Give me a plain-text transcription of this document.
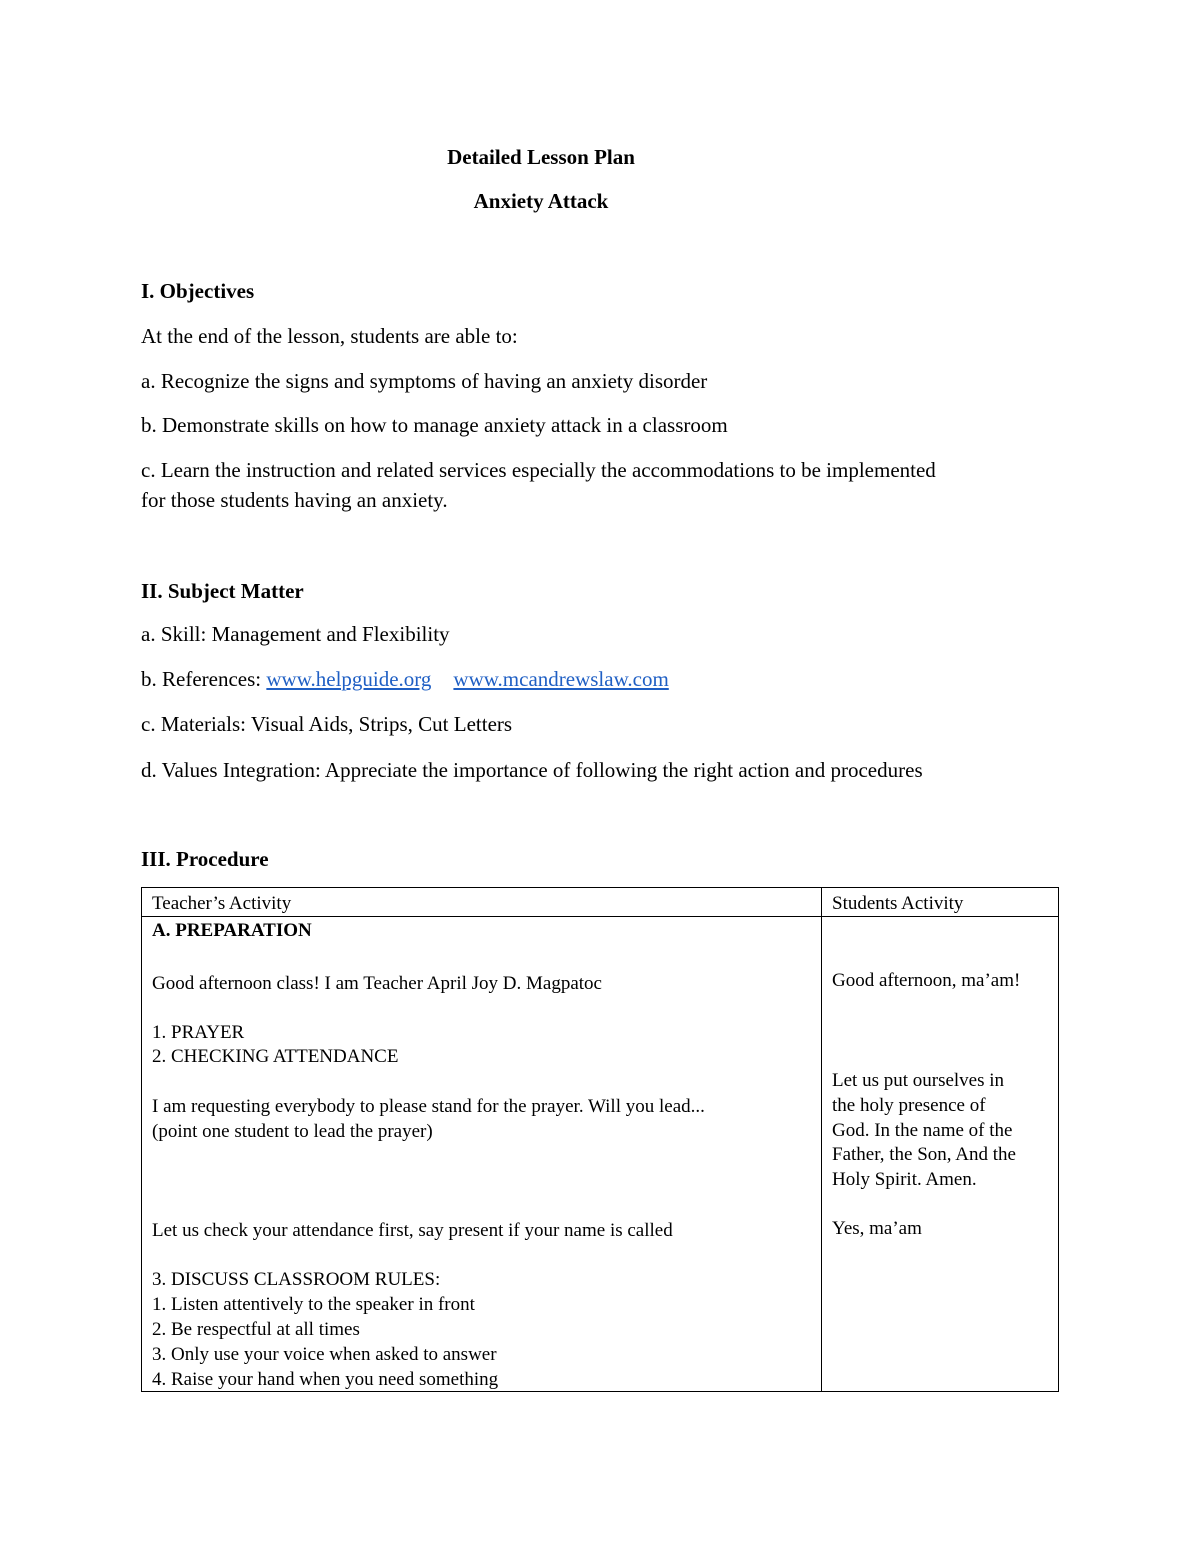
Detailed Lesson Plan
Anxiety Attack
I. Objectives
At the end of the lesson, students are able to:
a. Recognize the signs and symptoms of having an anxiety disorder
b. Demonstrate skills on how to manage anxiety attack in a classroom
c. Learn the instruction and related services especially the accommodations to be implemented
for those students having an anxiety.
II. Subject Matter
a. Skill: Management and Flexibility
b. References: www.helpguide.org www.mcandrewslaw.com
c. Materials: Visual Aids, Strips, Cut Letters
d. Values Integration: Appreciate the importance of following the right action and procedures
III. Procedure
Teacher’s Activity	Students Activity
A. PREPARATION
Good afternoon class! I am Teacher April Joy D. Magpatoc
1. PRAYER
2. CHECKING ATTENDANCE
I am requesting everybody to please stand for the prayer. Will you lead...
(point one student to lead the prayer)
Let us check your attendance first, say present if your name is called
3. DISCUSS CLASSROOM RULES:
1. Listen attentively to the speaker in front
2. Be respectful at all times
3. Only use your voice when asked to answer
4. Raise your hand when you need something
Good afternoon, ma’am!
Let us put ourselves in
the holy presence of
God. In the name of the
Father, the Son, And the
Holy Spirit. Amen.
Yes, ma’am
